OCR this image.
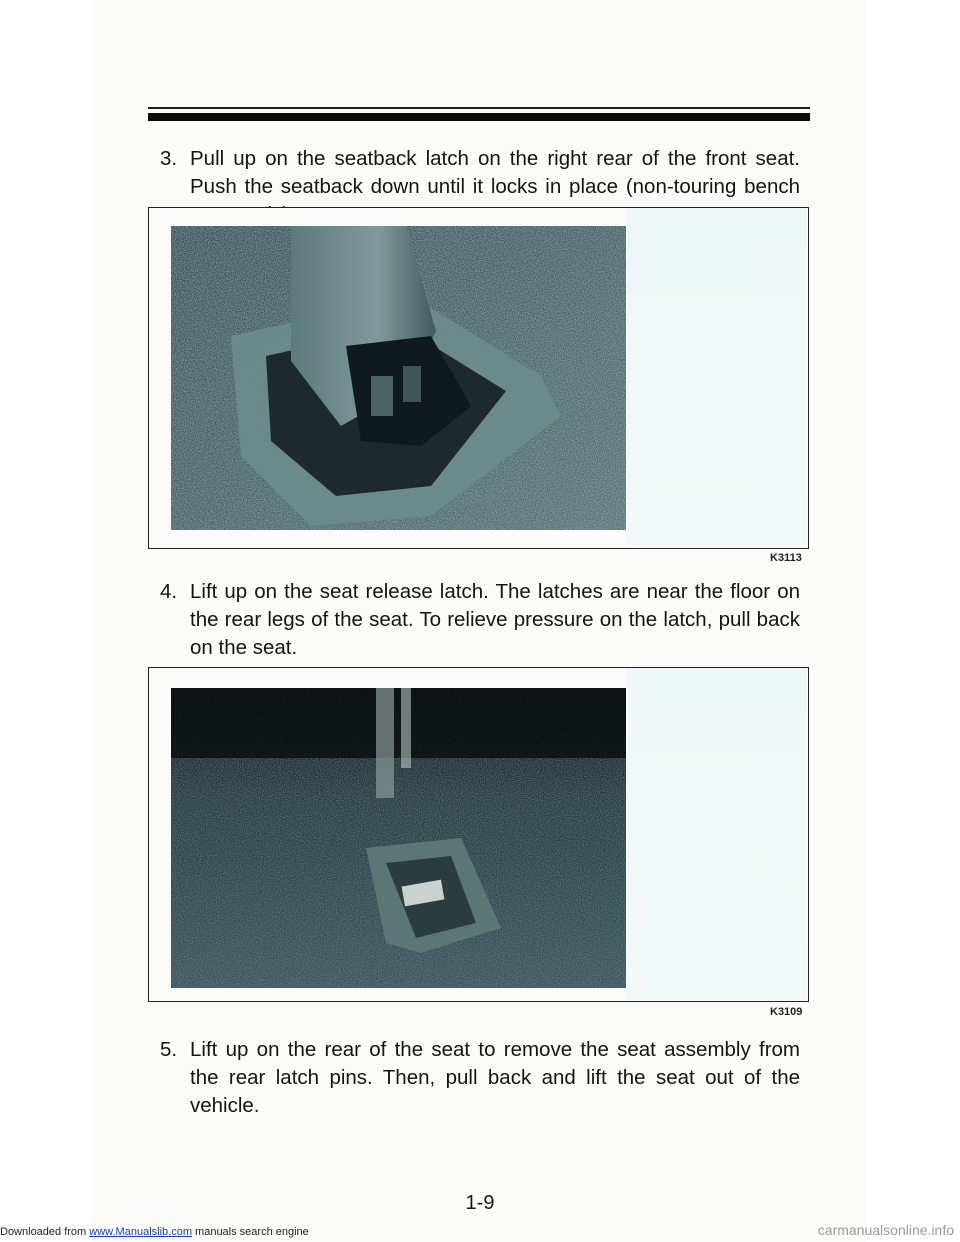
3. Pull up on the seatback latch on the right rear of the front seat. Push the seatback down until it locks in place (non-touring bench
K3113
4. Lift up on the seat release latch. The latches are near the floor on the rear legs of the seat. To relieve pressure on the latch, pull back on the seat.
K3109
5. Lift up on the rear of the seat to remove the seat assembly from the rear latch pins. Then, pull back and lift the seat out of the vehicle.
1-9
Downloaded from www.Manualslib.com manuals search engine	carmanualsonline.info
